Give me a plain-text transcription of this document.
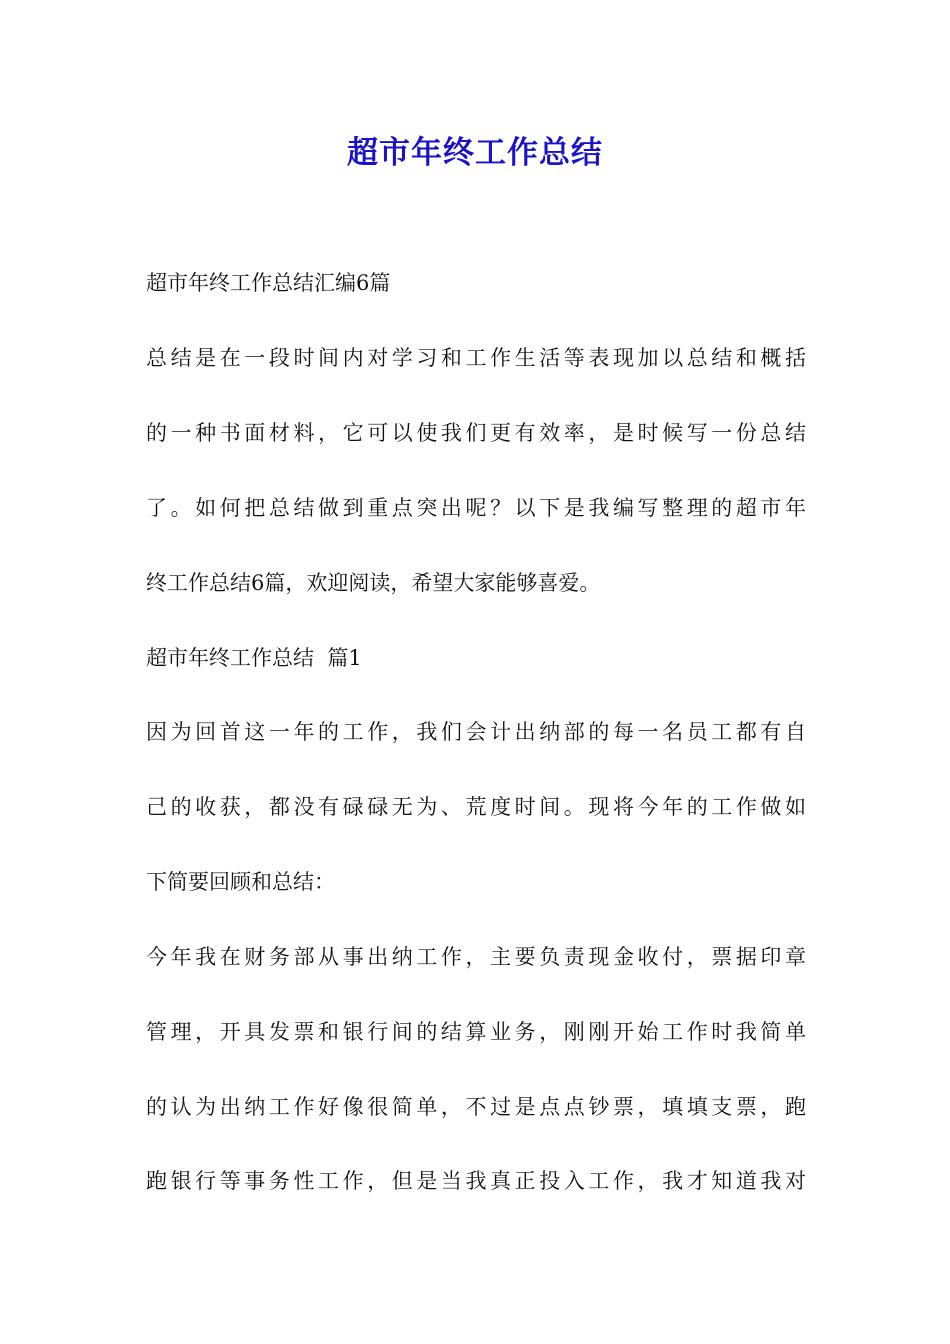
超市年终工作总结
超市年终工作总结汇编6篇
总结是在一段时间内对学习和工作生活等表现加以总结和概括
的一种书面材料，它可以使我们更有效率，是时候写一份总结
了。如何把总结做到重点突出呢？以下是我编写整理的超市年
终工作总结6篇，欢迎阅读，希望大家能够喜爱。
超市年终工作总结  篇1
因为回首这一年的工作，我们会计出纳部的每一名员工都有自
己的收获，都没有碌碌无为、荒度时间。现将今年的工作做如
下简要回顾和总结：
今年我在财务部从事出纳工作，主要负责现金收付，票据印章
管理，开具发票和银行间的结算业务，刚刚开始工作时我简单
的认为出纳工作好像很简单，不过是点点钞票，填填支票，跑
跑银行等事务性工作，但是当我真正投入工作，我才知道我对
